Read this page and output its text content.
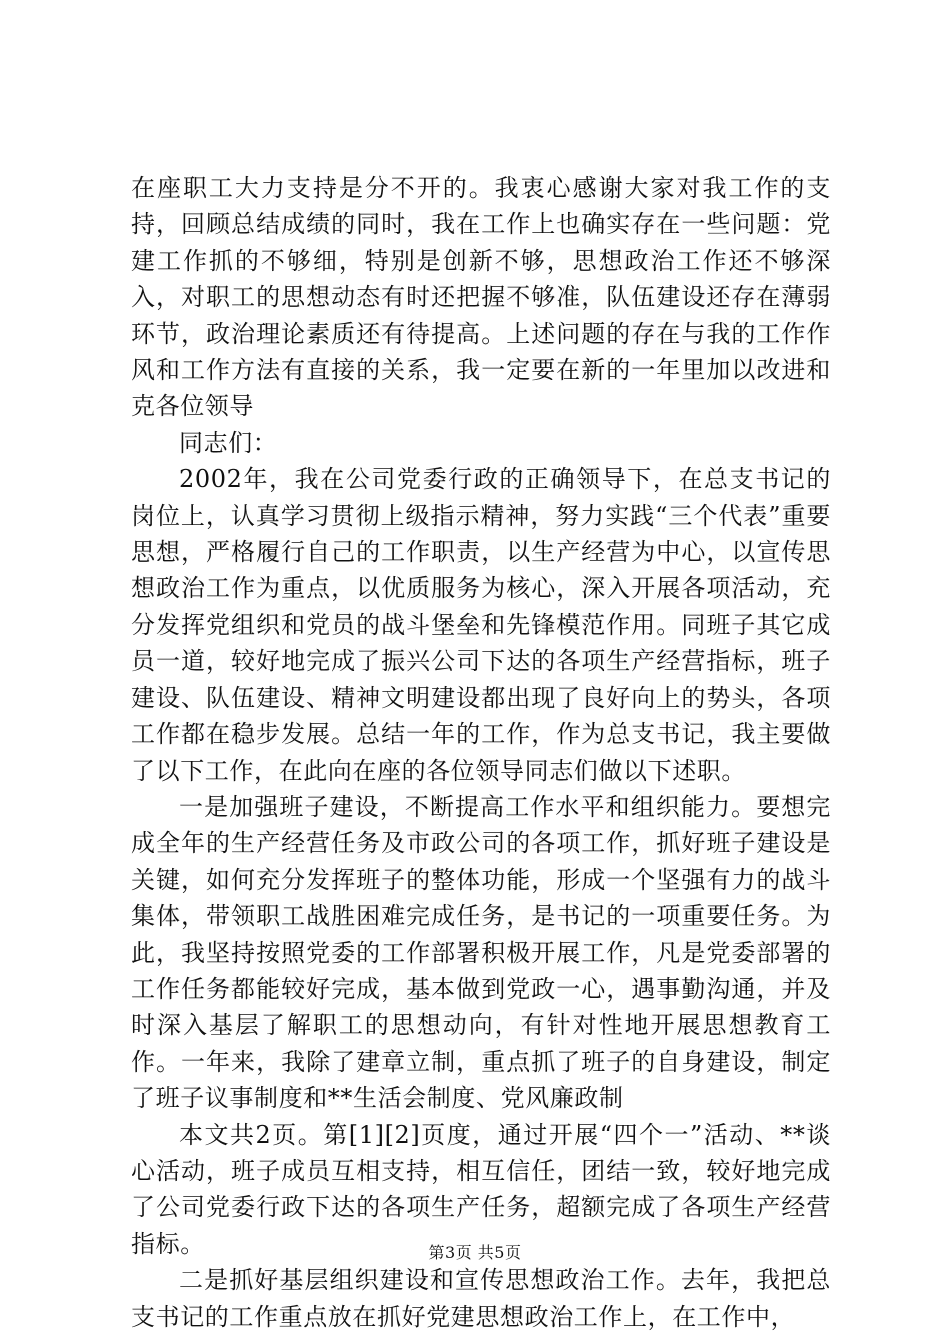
在座职工大力支持是分不开的。我衷心感谢大家对我工作的支持，回顾总结成绩的同时，我在工作上也确实存在一些问题：党建工作抓的不够细，特别是创新不够，思想政治工作还不够深入，对职工的思想动态有时还把握不够准，队伍建设还存在薄弱环节，政治理论素质还有待提高。上述问题的存在与我的工作作风和工作方法有直接的关系，我一定要在新的一年里加以改进和克各位领导

同志们：

2002年，我在公司党委行政的正确领导下，在总支书记的岗位上，认真学习贯彻上级指示精神，努力实践“三个代表”重要思想，严格履行自己的工作职责，以生产经营为中心，以宣传思想政治工作为重点，以优质服务为核心，深入开展各项活动，充分发挥党组织和党员的战斗堡垒和先锋模范作用。同班子其它成员一道，较好地完成了振兴公司下达的各项生产经营指标，班子建设、队伍建设、精神文明建设都出现了良好向上的势头，各项工作都在稳步发展。总结一年的工作，作为总支书记，我主要做了以下工作，在此向在座的各位领导同志们做以下述职。

一是加强班子建设，不断提高工作水平和组织能力。要想完成全年的生产经营任务及市政公司的各项工作，抓好班子建设是关键，如何充分发挥班子的整体功能，形成一个坚强有力的战斗集体，带领职工战胜困难完成任务，是书记的一项重要任务。为此，我坚持按照党委的工作部署积极开展工作，凡是党委部署的工作任务都能较好完成，基本做到党政一心，遇事勤沟通，并及时深入基层了解职工的思想动向，有针对性地开展思想教育工作。一年来，我除了建章立制，重点抓了班子的自身建设，制定了班子议事制度和**生活会制度、党风廉政制

本文共2页。第[1][2]页度，通过开展“四个一”活动、**谈心活动，班子成员互相支持，相互信任，团结一致，较好地完成了公司党委行政下达的各项生产任务，超额完成了各项生产经营指标。

二是抓好基层组织建设和宣传思想政治工作。去年，我把总支书记的工作重点放在抓好党建思想政治工作上，在工作中，

第3页 共5页
